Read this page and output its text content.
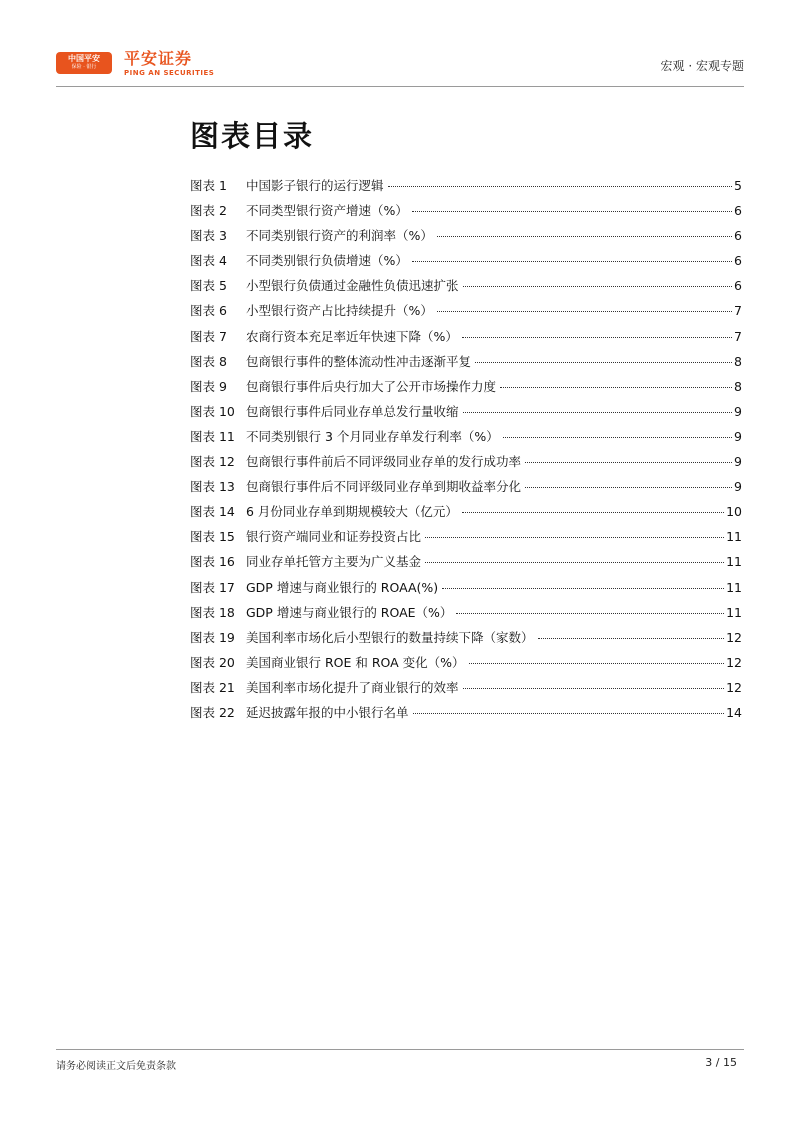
中国平安
保险 · 银行	平安证券
PING AN SECURITIES	宏观 · 宏观专题
图表目录
图表 1	中国影子银行的运行逻辑	5
图表 2	不同类型银行资产增速（%）	6
图表 3	不同类别银行资产的利润率（%）	6
图表 4	不同类别银行负债增速（%）	6
图表 5	小型银行负债通过金融性负债迅速扩张	6
图表 6	小型银行资产占比持续提升（%）	7
图表 7	农商行资本充足率近年快速下降（%）	7
图表 8	包商银行事件的整体流动性冲击逐渐平复	8
图表 9	包商银行事件后央行加大了公开市场操作力度	8
图表 10 包商银行事件后同业存单总发行量收缩	9
图表 11 不同类别银行 3 个月同业存单发行利率（%）	9
图表 12 包商银行事件前后不同评级同业存单的发行成功率	9
图表 13 包商银行事件后不同评级同业存单到期收益率分化	9
图表 14 6 月份同业存单到期规模较大（亿元）	10
图表 15 银行资产端同业和证券投资占比	11
图表 16 同业存单托管方主要为广义基金	11
图表 17 GDP 增速与商业银行的 ROAA(%)	11
图表 18 GDP 增速与商业银行的 ROAE（%）	11
图表 19 美国利率市场化后小型银行的数量持续下降（家数）	12
图表 20 美国商业银行 ROE 和 ROA 变化（%）	12
图表 21 美国利率市场化提升了商业银行的效率	12
图表 22 延迟披露年报的中小银行名单	14
请务必阅读正文后免责条款	3 / 15
